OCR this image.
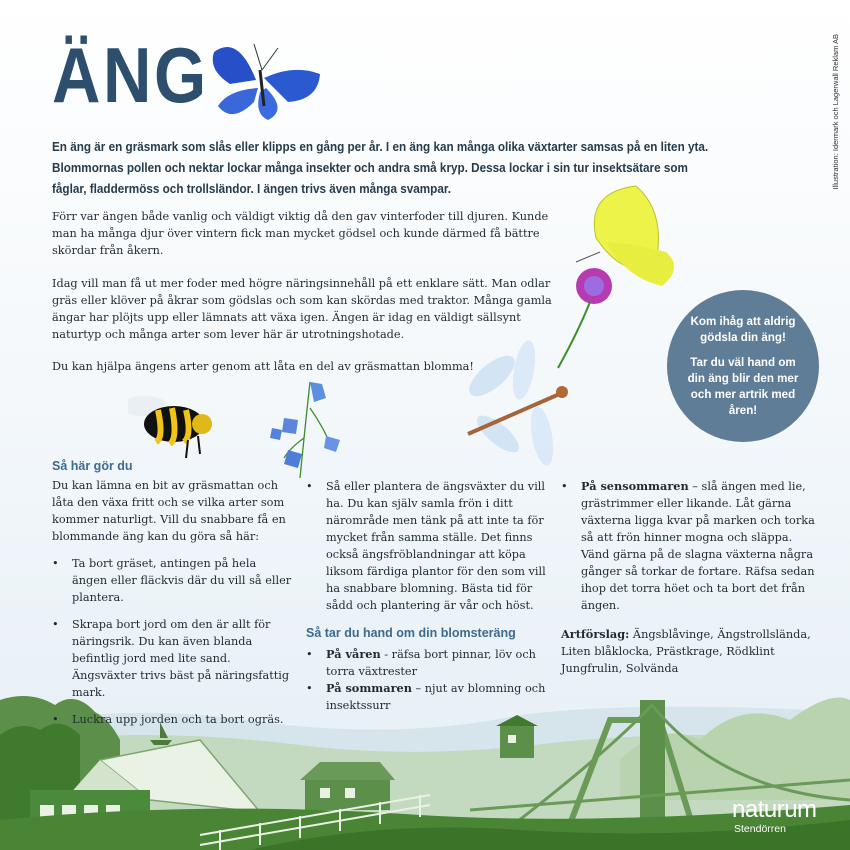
ÄNG	Illustration: Idermark och Lagerwall Reklam AB

En äng är en gräsmark som slås eller klipps en gång per år. I en äng kan många olika växtarter samsas på en liten yta. Blommornas pollen och nektar lockar många insekter och andra små kryp. Dessa lockar i sin tur insektsätare som fåglar, fladdermöss och trollsländor. I ängen trivs även många svampar.

Förr var ängen både vanlig och väldigt viktig då den gav vinterfoder till djuren. Kunde man ha många djur över vintern fick man mycket gödsel och kunde därmed få bättre skördar från åkern.

Idag vill man få ut mer foder med högre näringsinnehåll på ett enklare sätt. Man odlar gräs eller klöver på åkrar som gödslas och som kan skördas med traktor. Många gamla ängar har plöjts upp eller lämnats att växa igen. Ängen är idag en väldigt sällsynt naturtyp och många arter som lever här är utrotningshotade.

Du kan hjälpa ängens arter genom att låta en del av gräsmattan blomma!

Kom ihåg att aldrig gödsla din äng!

Tar du väl hand om din äng blir den mer och mer artrik med åren!

Så här gör du

Du kan lämna en bit av gräsmattan och låta den växa fritt och se vilka arter som kommer naturligt. Vill du snabbare få en blommande äng kan du göra så här:

• Ta bort gräset, antingen på hela ängen eller fläckvis där du vill så eller plantera.
• Skrapa bort jord om den är allt för näringsrik. Du kan även blanda befintlig jord med lite sand. Ängsväxter trivs bäst på näringsfattig mark.
• Luckra upp jorden och ta bort ogräs.
• Så eller plantera de ängsväxter du vill ha. Du kan själv samla frön i ditt närområde men tänk på att inte ta för mycket från samma ställe. Det finns också ängsfröblandningar att köpa liksom färdiga plantor för den som vill ha snabbare blomning. Bästa tid för sådd och plantering är vår och höst.
Så tar du hand om din blomsteräng
• På våren - räfsa bort pinnar, löv och torra växtrester
• På sommaren – njut av blomning och insektssurr
• På sensommaren – slå ängen med lie, grästrimmer eller likande. Låt gärna växterna ligga kvar på marken och torka så att frön hinner mogna och släppa. Vänd gärna på de slagna växterna några gånger så torkar de fortare. Räfsa sedan ihop det torra höet och ta bort det från ängen.

Artförslag: Ängsblåvinge, Ängstrollslända, Liten blåklocka, Prästkrage, Rödklint Jungfrulin, Solvända

naturum
Stendörren
